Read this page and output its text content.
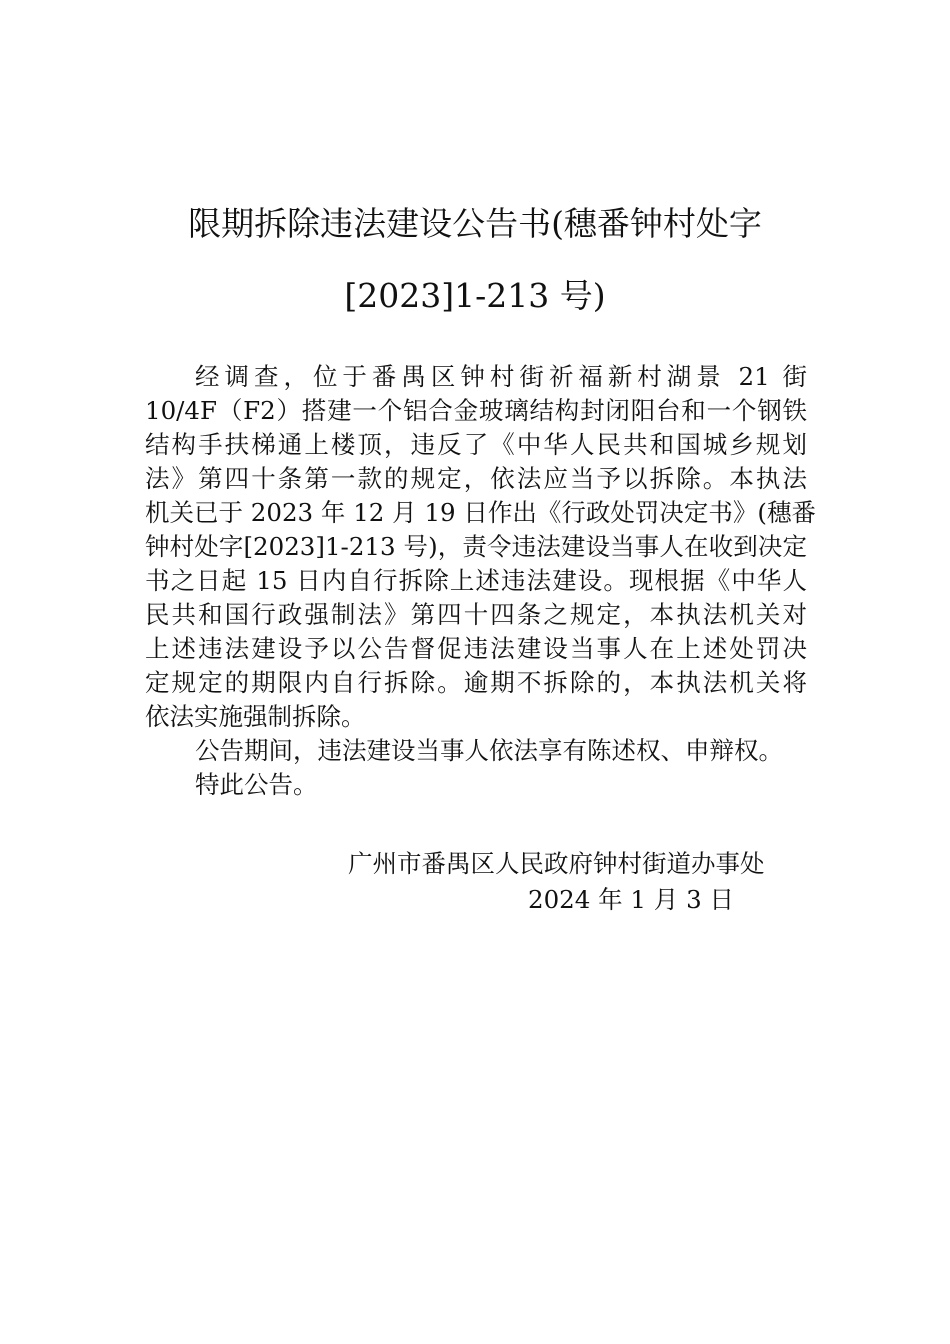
限期拆除违法建设公告书(穗番钟村处字
[2023]1-213 号)
经调查，位于番禺区钟村街祈福新村湖景 21 街
10/4F（F2）搭建一个铝合金玻璃结构封闭阳台和一个钢铁
结构手扶梯通上楼顶，违反了《中华人民共和国城乡规划
法》第四十条第一款的规定，依法应当予以拆除。本执法
机关已于 2023 年 12 月 19 日作出《行政处罚决定书》(穗番
钟村处字[2023]1-213 号)，责令违法建设当事人在收到决定
书之日起 15 日内自行拆除上述违法建设。现根据《中华人
民共和国行政强制法》第四十四条之规定，本执法机关对
上述违法建设予以公告督促违法建设当事人在上述处罚决
定规定的期限内自行拆除。逾期不拆除的，本执法机关将
依法实施强制拆除。
公告期间，违法建设当事人依法享有陈述权、申辩权。
特此公告。
广州市番禺区人民政府钟村街道办事处
2024 年 1 月 3 日
